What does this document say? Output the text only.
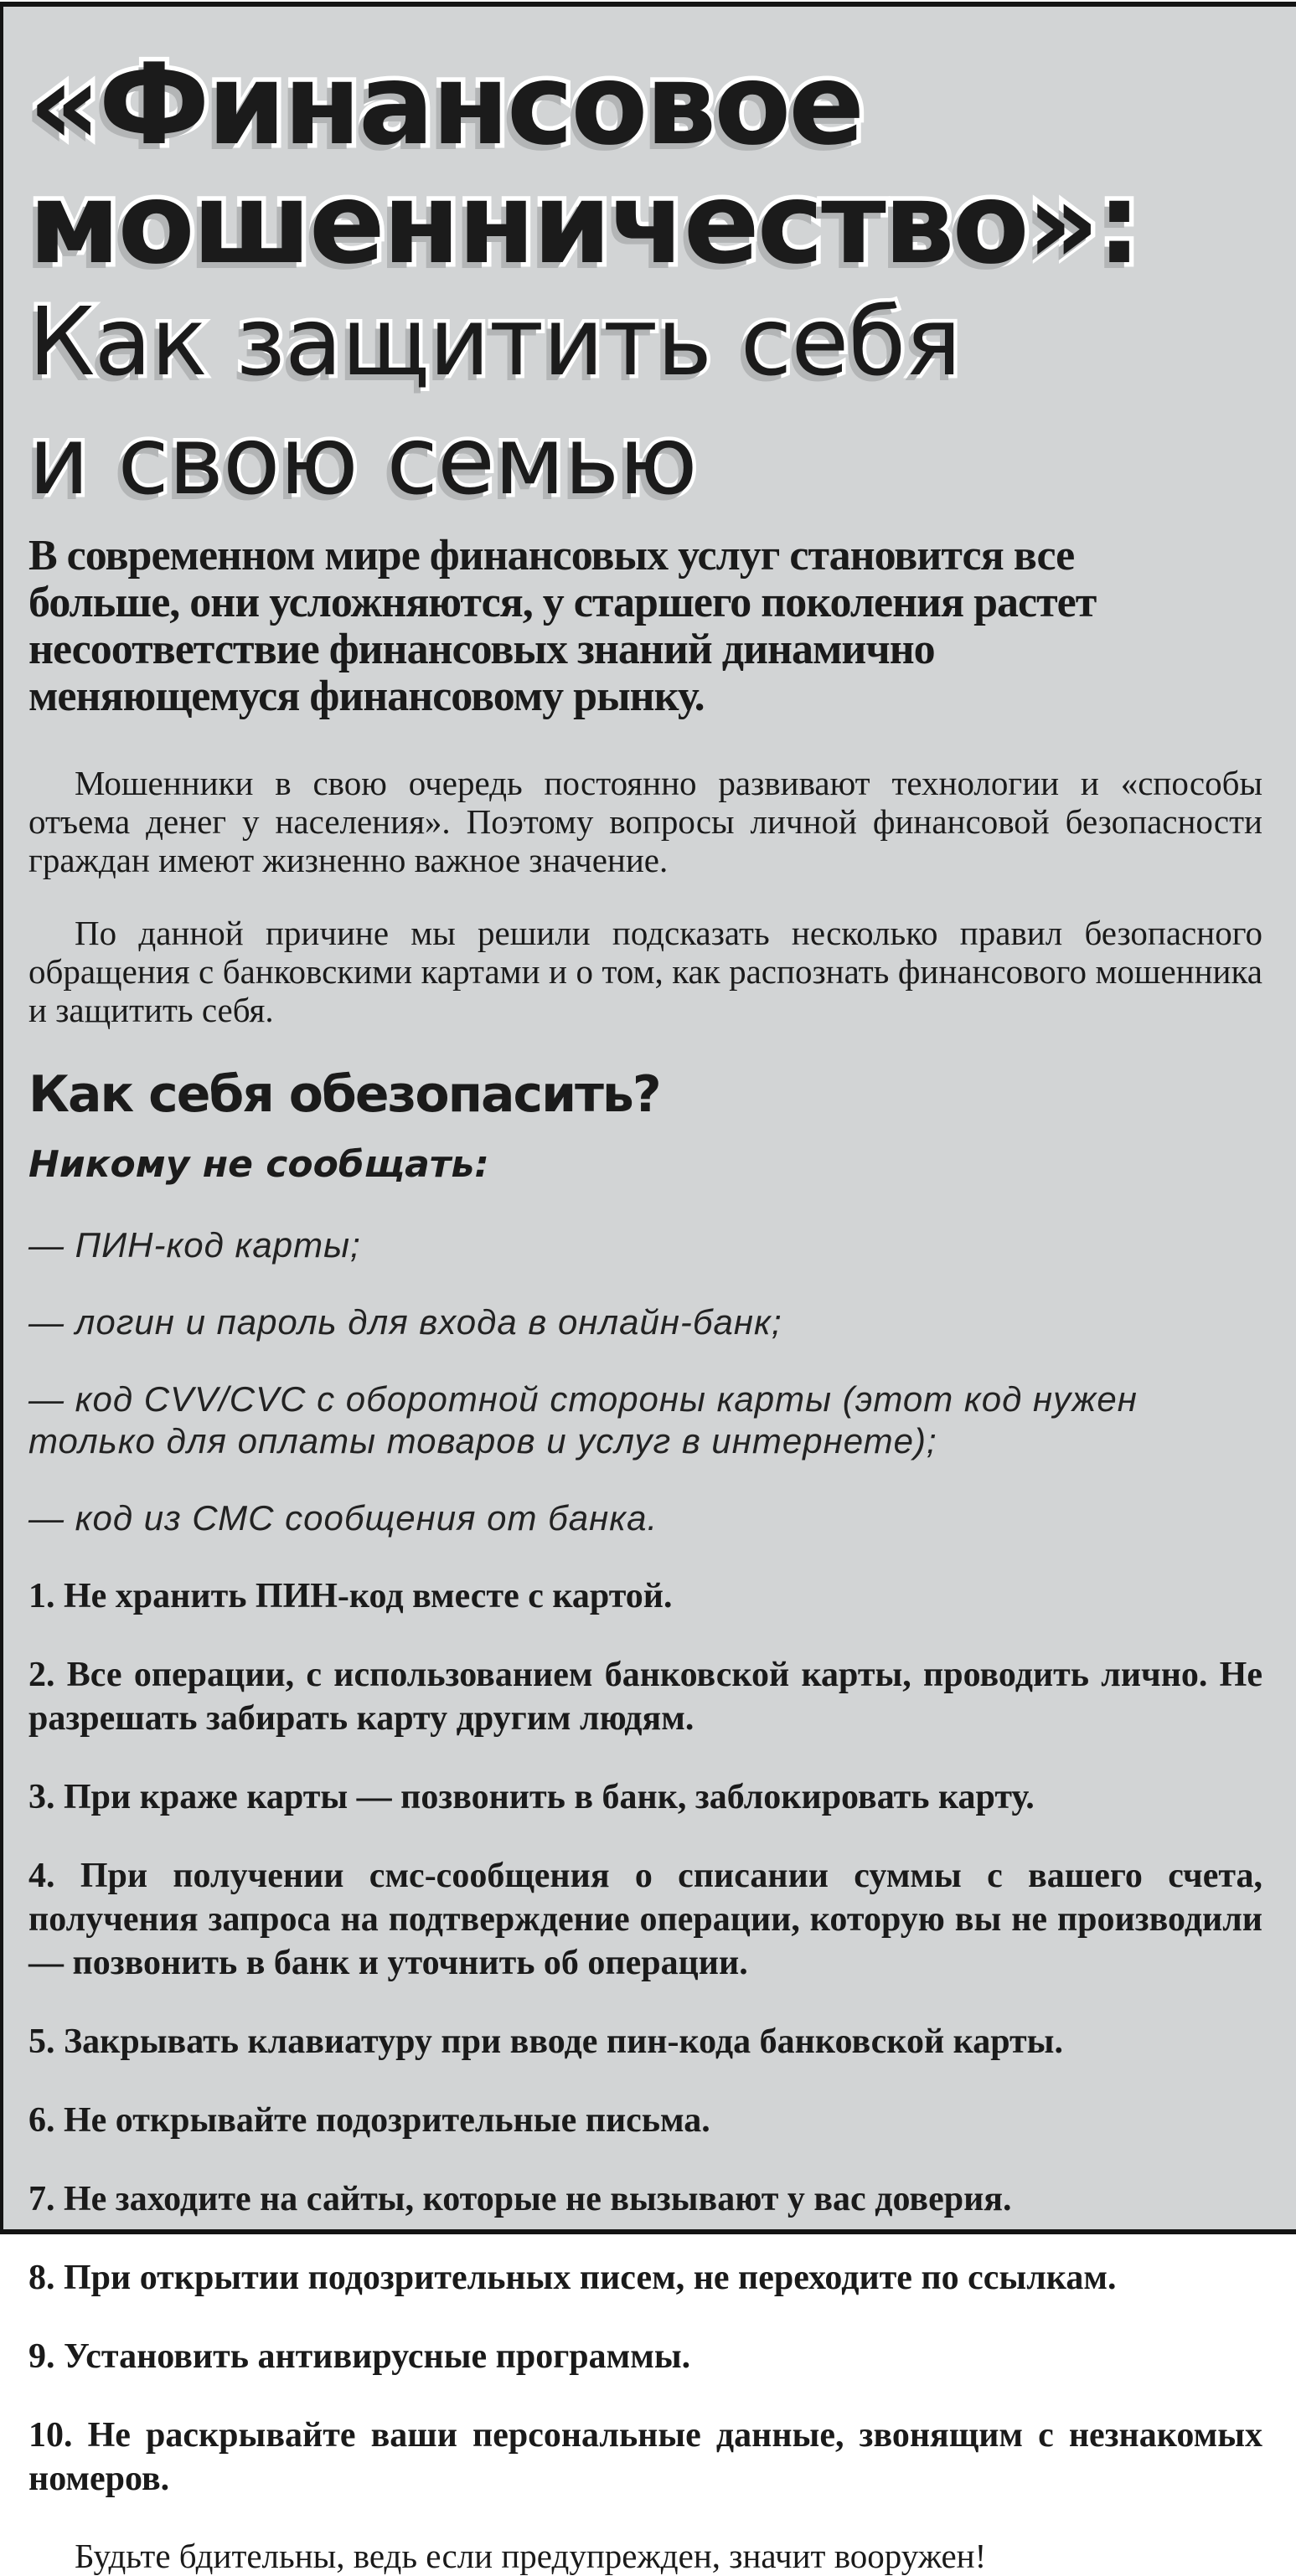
«Финансовое
мошенничество»:
Как защитить себя
и свою семью

В современном мире финансовых услуг становится все больше, они усложняются, у старшего поколения растет несоответствие финансовых знаний динамично меняющемуся финансовому рынку.

Мошенники в свою очередь постоянно развивают технологии и «способы отъема денег у населения». Поэтому вопросы личной финансовой безопасности граждан имеют жизненно важное значение.

По данной причине мы решили подсказать несколько правил безопасного обращения с банковскими картами и о том, как распознать финансового мошенника и защитить себя.

Как себя обезопасить?

Никому не сообщать:

— ПИН-код карты;

— логин и пароль для входа в онлайн-банк;

— код CVV/CVC с оборотной стороны карты (этот код нужен только для оплаты товаров и услуг в интернете);

— код из СМС сообщения от банка.

1. Не хранить ПИН-код вместе с картой.

2. Все операции, с использованием банковской карты, проводить лично. Не разрешать забирать карту другим людям.

3. При краже карты — позвонить в банк, заблокировать карту.

4. При получении смс-сообщения о списании суммы с вашего счета, получения запроса на подтверждение операции, которую вы не производили — позвонить в банк и уточнить об операции.

5. Закрывать клавиатуру при вводе пин-кода банковской карты.

6. Не открывайте подозрительные письма.

7. Не заходите на сайты, которые не вызывают у вас доверия.

8. При открытии подозрительных писем, не переходите по ссылкам.

9. Установить антивирусные программы.

10. Не раскрывайте ваши персональные данные, звонящим с незнакомых номеров.

Будьте бдительны, ведь если предупрежден, значит вооружен!
